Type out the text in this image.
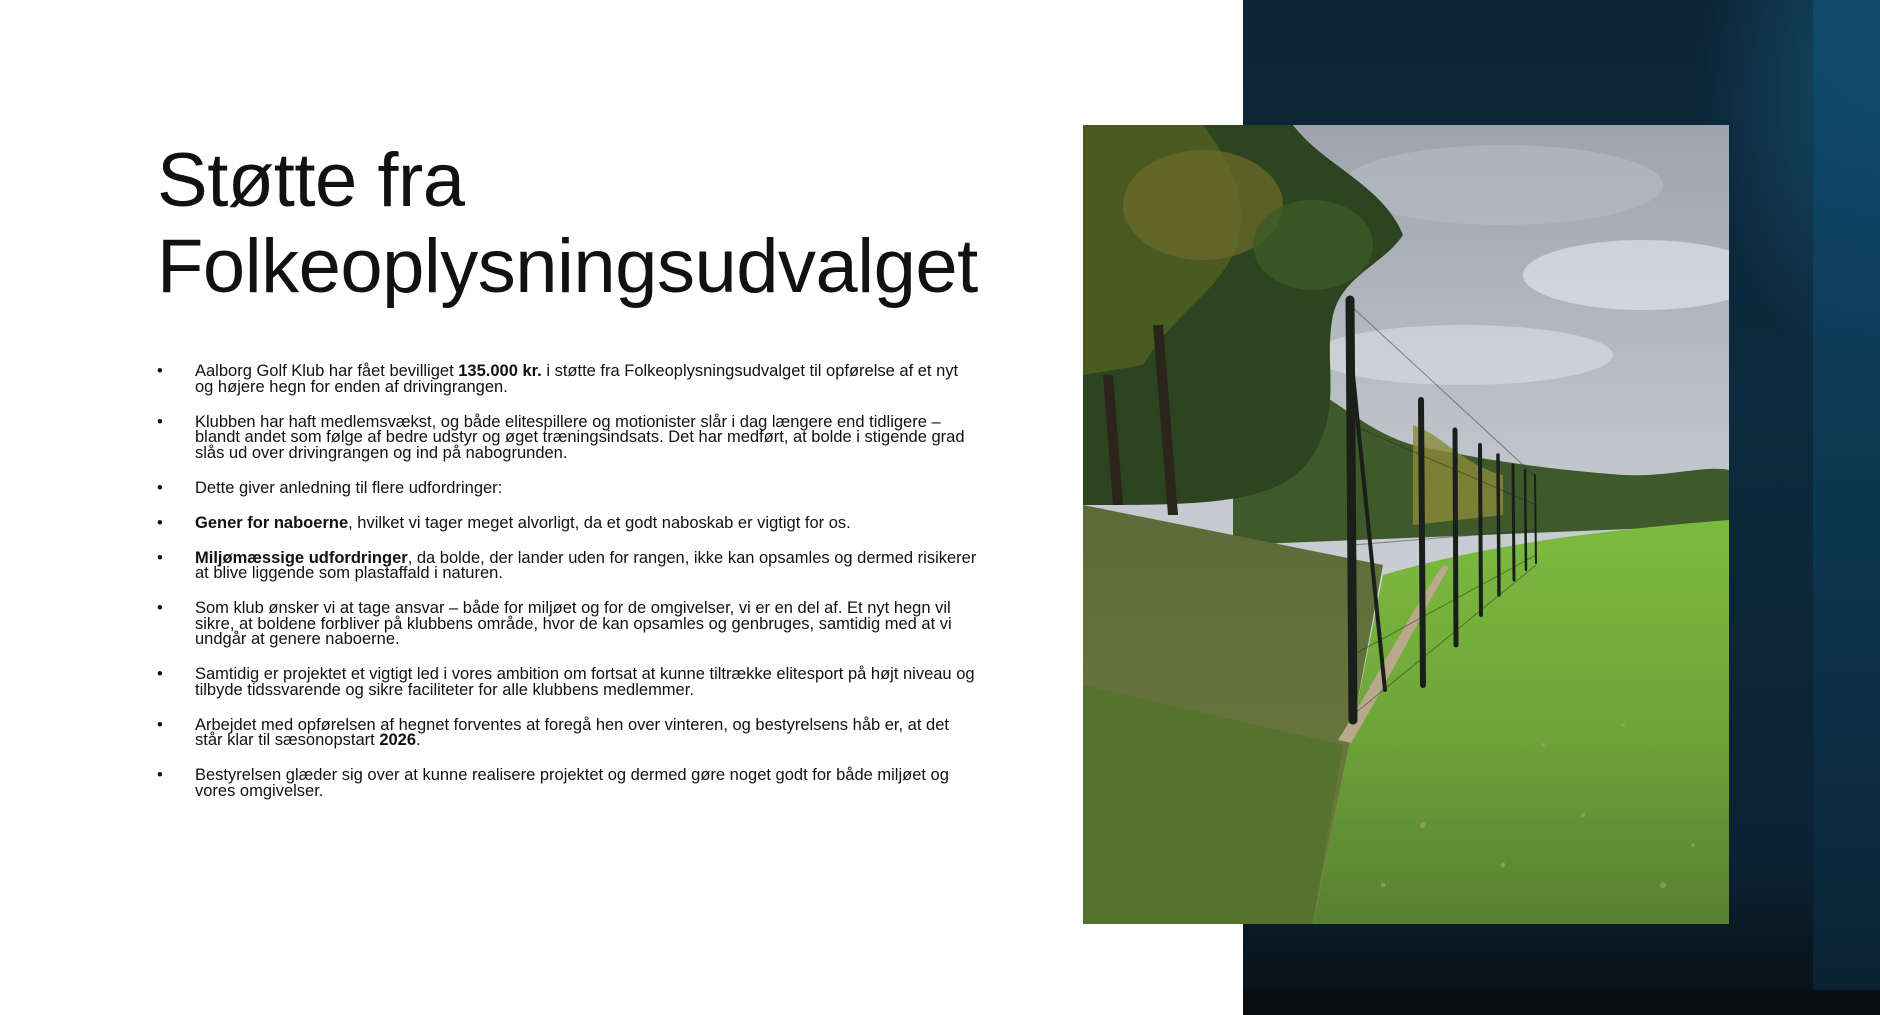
Støtte fra
Folkeoplysningsudvalget
• Aalborg Golf Klub har fået bevilliget 135.000 kr. i støtte fra Folkeoplysningsudvalget til opførelse af et nyt og højere hegn for enden af drivingrangen.
• Klubben har haft medlemsvækst, og både elitespillere og motionister slår i dag længere end tidligere – blandt andet som følge af bedre udstyr og øget træningsindsats. Det har medført, at bolde i stigende grad slås ud over drivingrangen og ind på nabogrunden.
• Dette giver anledning til flere udfordringer:
• Gener for naboerne, hvilket vi tager meget alvorligt, da et godt naboskab er vigtigt for os.
• Miljømæssige udfordringer, da bolde, der lander uden for rangen, ikke kan opsamles og dermed risikerer at blive liggende som plastaffald i naturen.
• Som klub ønsker vi at tage ansvar – både for miljøet og for de omgivelser, vi er en del af. Et nyt hegn vil sikre, at boldene forbliver på klubbens område, hvor de kan opsamles og genbruges, samtidig med at vi undgår at genere naboerne.
• Samtidig er projektet et vigtigt led i vores ambition om fortsat at kunne tiltrække elitesport på højt niveau og tilbyde tidssvarende og sikre faciliteter for alle klubbens medlemmer.
• Arbejdet med opførelsen af hegnet forventes at foregå hen over vinteren, og bestyrelsens håb er, at det står klar til sæsonopstart 2026.
• Bestyrelsen glæder sig over at kunne realisere projektet og dermed gøre noget godt for både miljøet og vores omgivelser.
